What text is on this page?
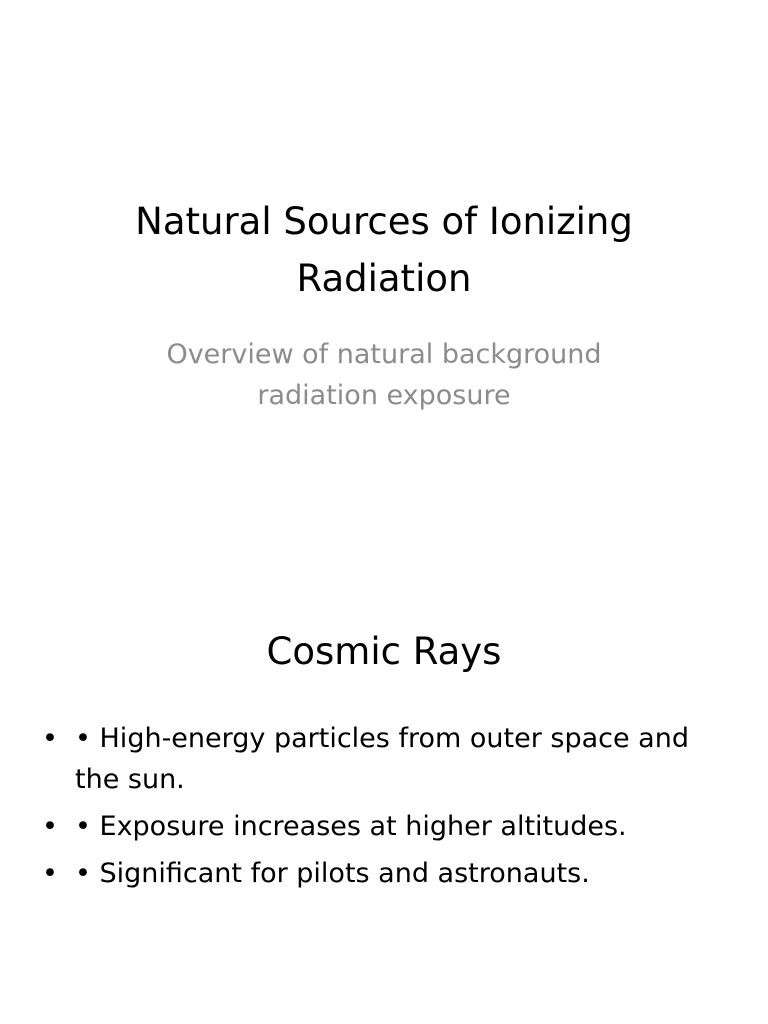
Natural Sources of Ionizing Radiation

Overview of natural background radiation exposure

Cosmic Rays
• • High-energy particles from outer space and the sun.
• • Exposure increases at higher altitudes.
• • Significant for pilots and astronauts.
